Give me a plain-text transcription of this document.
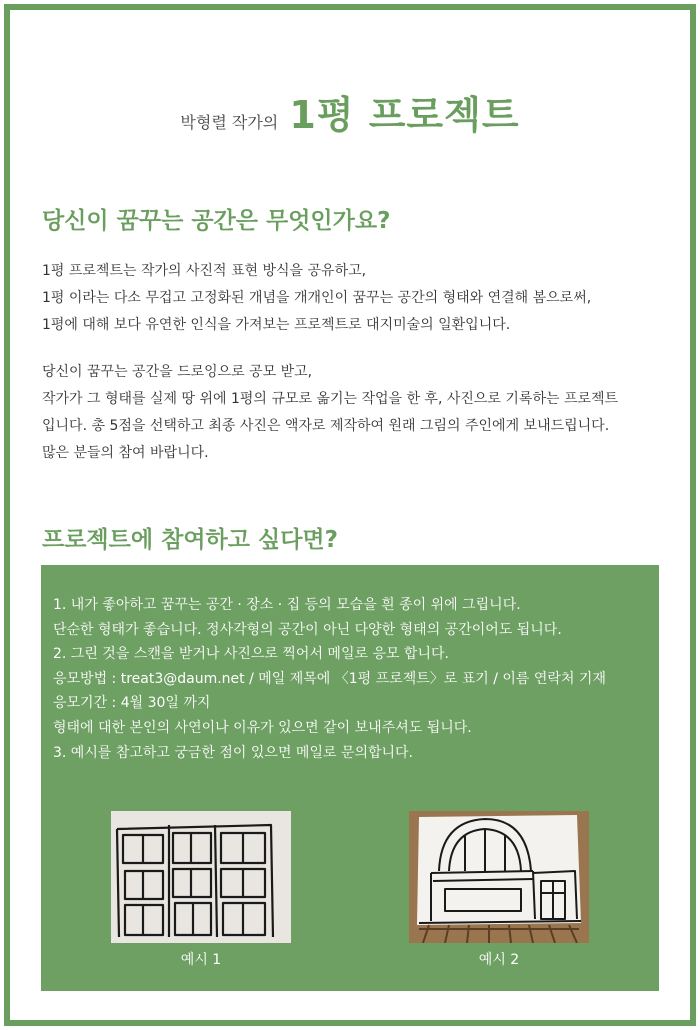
박형렬 작가의 1평 프로젝트
당신이 꿈꾸는 공간은 무엇인가요?
1평 프로젝트는 작가의 사진적 표현 방식을 공유하고,
1평 이라는 다소 무겁고 고정화된 개념을 개개인이 꿈꾸는 공간의 형태와 연결해 봄으로써,
1평에 대해 보다 유연한 인식을 가져보는 프로젝트로 대지미술의 일환입니다.
당신이 꿈꾸는 공간을 드로잉으로 공모 받고,
작가가 그 형태를 실제 땅 위에 1평의 규모로 옮기는 작업을 한 후, 사진으로 기록하는 프로젝트
입니다. 총 5점을 선택하고 최종 사진은 액자로 제작하여 원래 그림의 주인에게 보내드립니다.
많은 분들의 참여 바랍니다.
프로젝트에 참여하고 싶다면?
1. 내가 좋아하고 꿈꾸는 공간 · 장소 · 집 등의 모습을 흰 종이 위에 그립니다.
단순한 형태가 좋습니다. 정사각형의 공간이 아닌 다양한 형태의 공간이어도 됩니다.
2. 그린 것을 스캔을 받거나 사진으로 찍어서 메일로 응모 합니다.
응모방법 : treat3@daum.net / 메일 제목에 〈1평 프로젝트〉로 표기 / 이름 연락처 기재
응모기간 : 4월 30일 까지
형태에 대한 본인의 사연이나 이유가 있으면 같이 보내주셔도 됩니다.
3. 예시를 참고하고 궁금한 점이 있으면 메일로 문의합니다.
예시 1	예시 2
